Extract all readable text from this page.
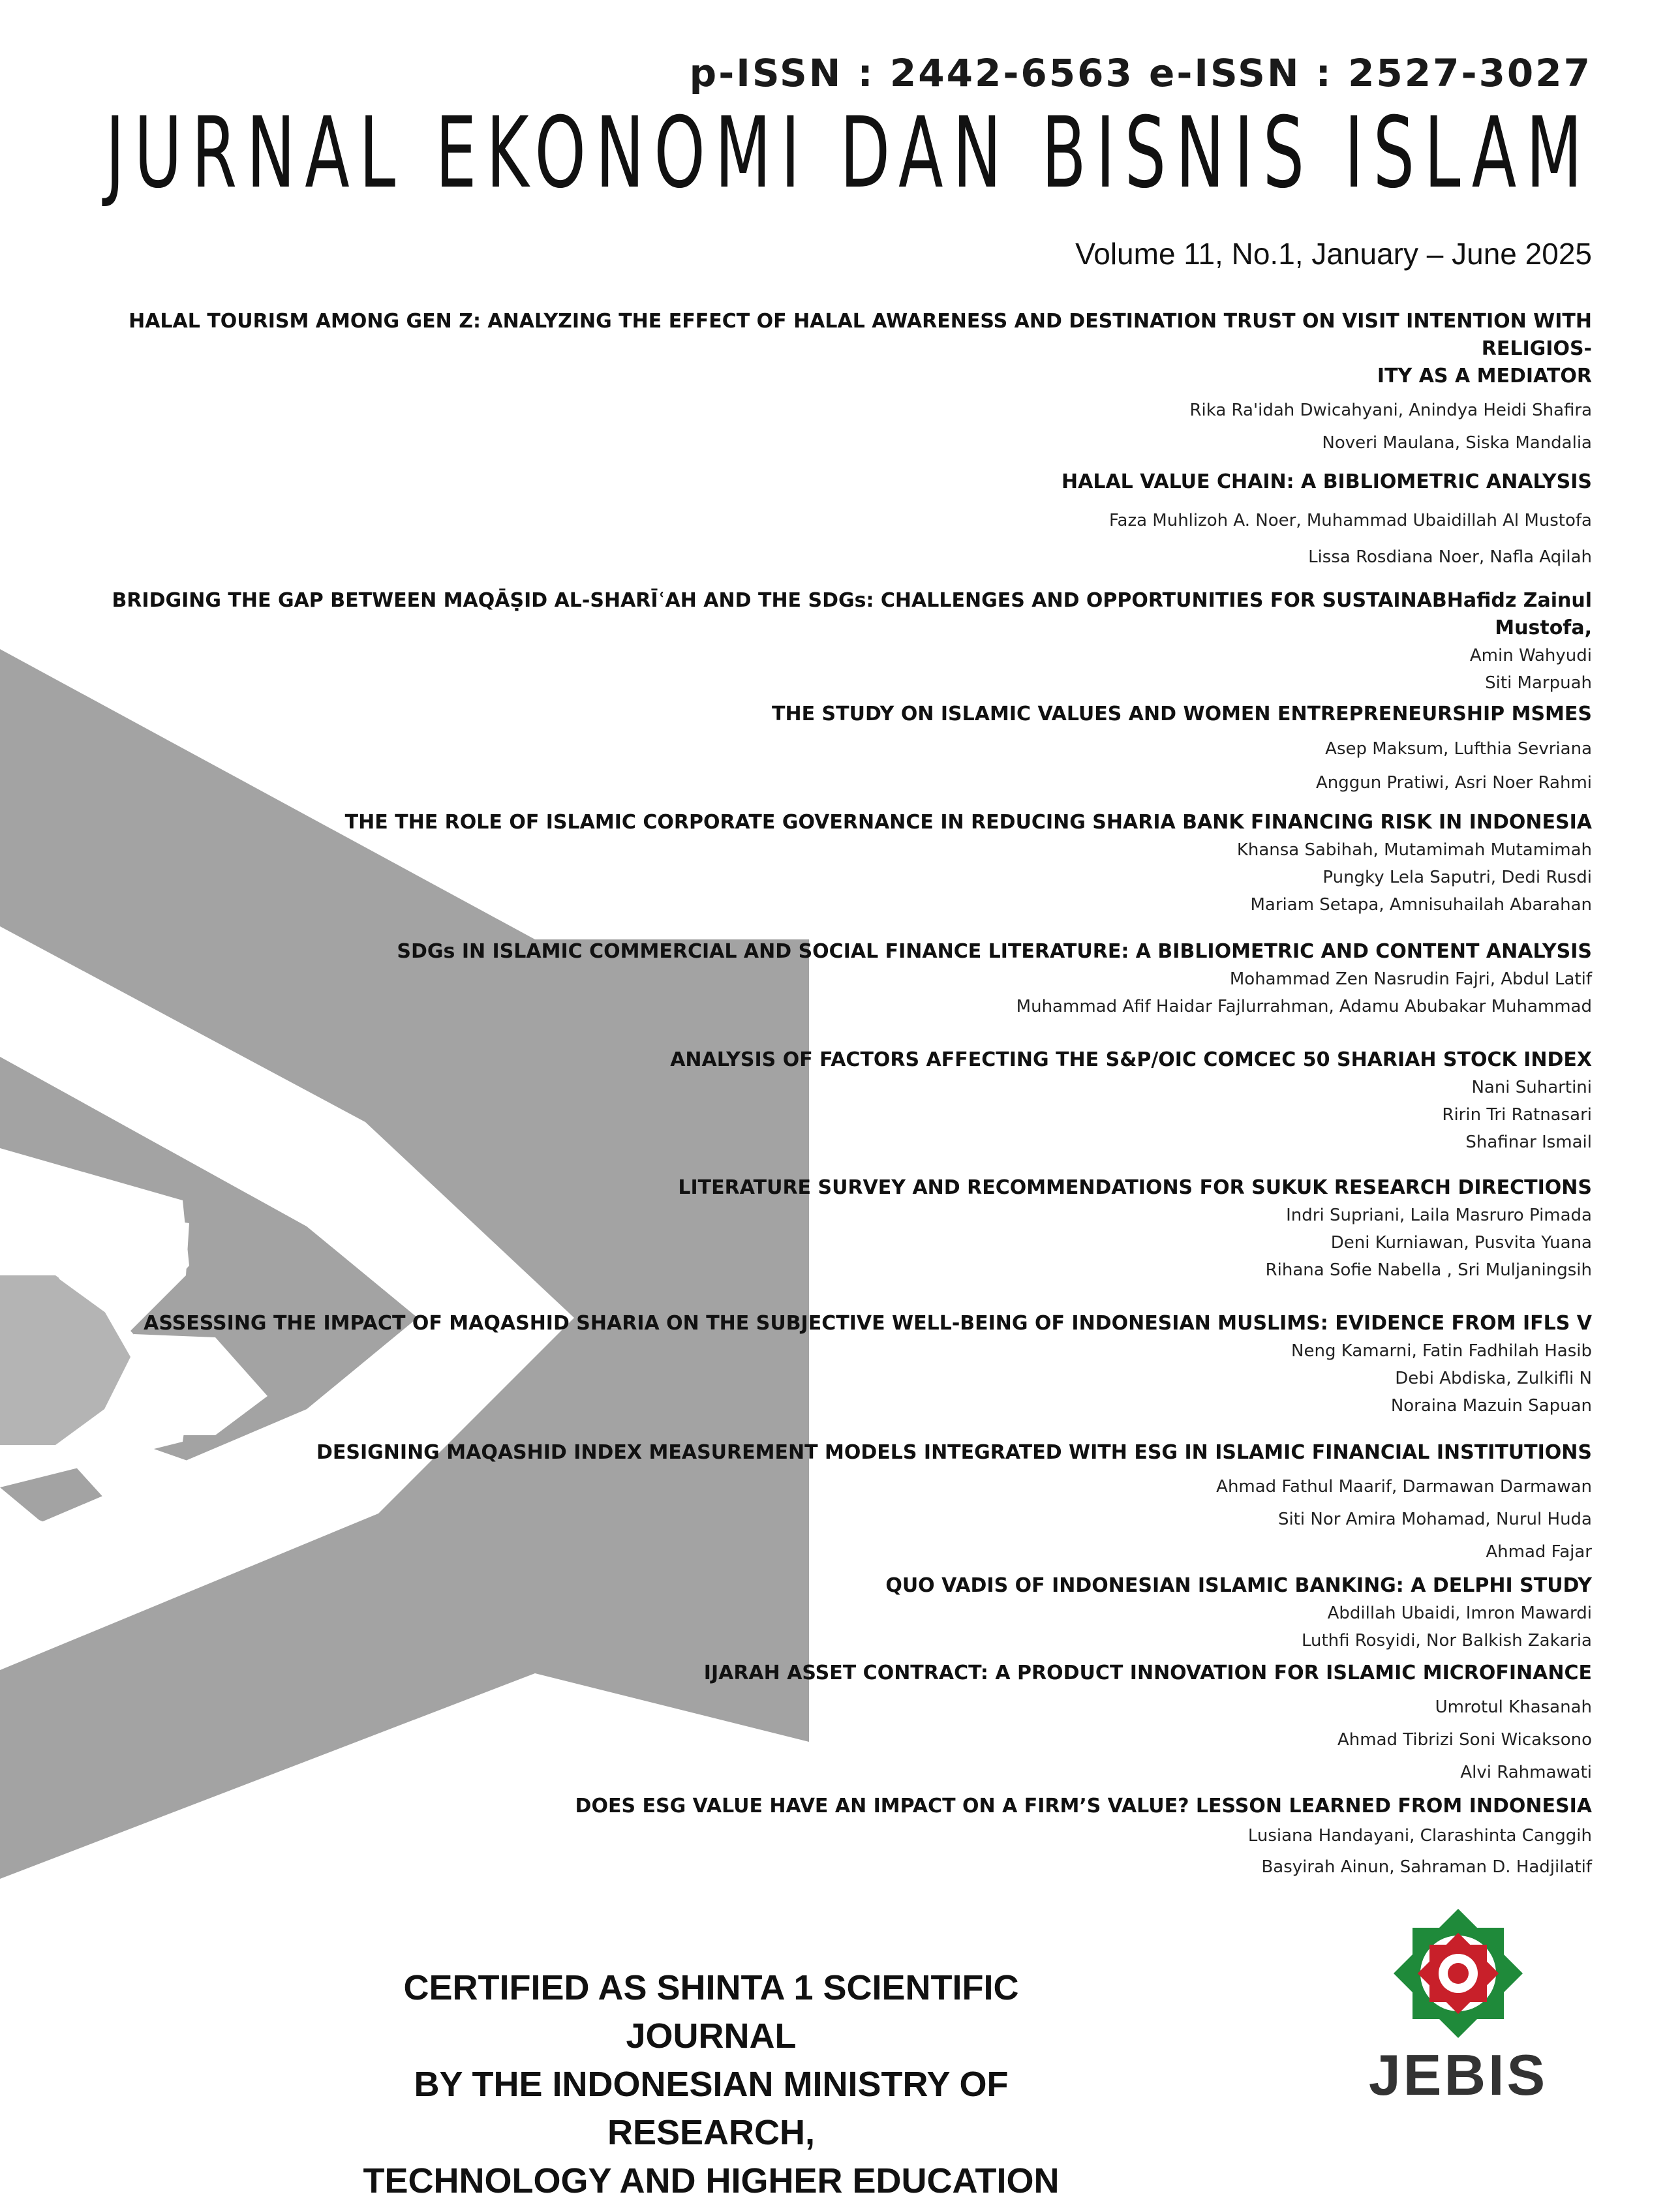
p-ISSN : 2442-6563 e-ISSN : 2527-3027
JURNAL EKONOMI DAN BISNIS ISLAM
Volume 11, No.1, January – June 2025
HALAL TOURISM AMONG GEN Z: ANALYZING THE EFFECT OF HALAL AWARENESS AND DESTINATION TRUST ON VISIT INTENTION WITH RELIGIOS-
ITY AS A MEDIATOR
Rika Ra'idah Dwicahyani, Anindya Heidi Shafira
Noveri Maulana, Siska Mandalia
HALAL VALUE CHAIN: A BIBLIOMETRIC ANALYSIS
Faza Muhlizoh A. Noer, Muhammad Ubaidillah Al Mustofa
Lissa Rosdiana Noer, Nafla Aqilah
BRIDGING THE GAP BETWEEN MAQĀṢID AL-SHARĪʿAH AND THE SDGs: CHALLENGES AND OPPORTUNITIES FOR SUSTAINABHafidz Zainul Mustofa,
Amin Wahyudi
Siti Marpuah
THE STUDY ON ISLAMIC VALUES AND WOMEN ENTREPRENEURSHIP MSMES
Asep Maksum, Lufthia Sevriana
Anggun Pratiwi, Asri Noer Rahmi
THE THE ROLE OF ISLAMIC CORPORATE GOVERNANCE IN REDUCING SHARIA BANK FINANCING RISK IN INDONESIA
Khansa Sabihah, Mutamimah Mutamimah
Pungky Lela Saputri, Dedi Rusdi
Mariam Setapa, Amnisuhailah Abarahan
SDGs IN ISLAMIC COMMERCIAL AND SOCIAL FINANCE LITERATURE: A BIBLIOMETRIC AND CONTENT ANALYSIS
Mohammad Zen Nasrudin Fajri, Abdul Latif
Muhammad Afif Haidar Fajlurrahman, Adamu Abubakar Muhammad
ANALYSIS OF FACTORS AFFECTING THE S&P/OIC COMCEC 50 SHARIAH STOCK INDEX
Nani Suhartini
Ririn Tri Ratnasari
Shafinar Ismail
LITERATURE SURVEY AND RECOMMENDATIONS FOR SUKUK RESEARCH DIRECTIONS
Indri Supriani, Laila Masruro Pimada
Deni Kurniawan, Pusvita Yuana
Rihana Sofie Nabella , Sri Muljaningsih
ASSESSING THE IMPACT OF MAQASHID SHARIA ON THE SUBJECTIVE WELL-BEING OF INDONESIAN MUSLIMS: EVIDENCE FROM IFLS V
Neng Kamarni, Fatin Fadhilah Hasib
Debi Abdiska, Zulkifli N
Noraina Mazuin Sapuan
DESIGNING MAQASHID INDEX MEASUREMENT MODELS INTEGRATED WITH ESG IN ISLAMIC FINANCIAL INSTITUTIONS
Ahmad Fathul Maarif, Darmawan Darmawan
Siti Nor Amira Mohamad, Nurul Huda
Ahmad Fajar
QUO VADIS OF INDONESIAN ISLAMIC BANKING: A DELPHI STUDY
Abdillah Ubaidi, Imron Mawardi
Luthfi Rosyidi, Nor Balkish Zakaria
IJARAH ASSET CONTRACT: A PRODUCT INNOVATION FOR ISLAMIC MICROFINANCE
Umrotul Khasanah
Ahmad Tibrizi Soni Wicaksono
Alvi Rahmawati
DOES ESG VALUE HAVE AN IMPACT ON A FIRM’S VALUE? LESSON LEARNED FROM INDONESIA
Lusiana Handayani, Clarashinta Canggih
Basyirah Ainun, Sahraman D. Hadjilatif
CERTIFIED AS SHINTA 1 SCIENTIFIC JOURNAL
BY THE INDONESIAN MINISTRY OF RESEARCH,
TECHNOLOGY AND HIGHER EDUCATION
JEBIS
